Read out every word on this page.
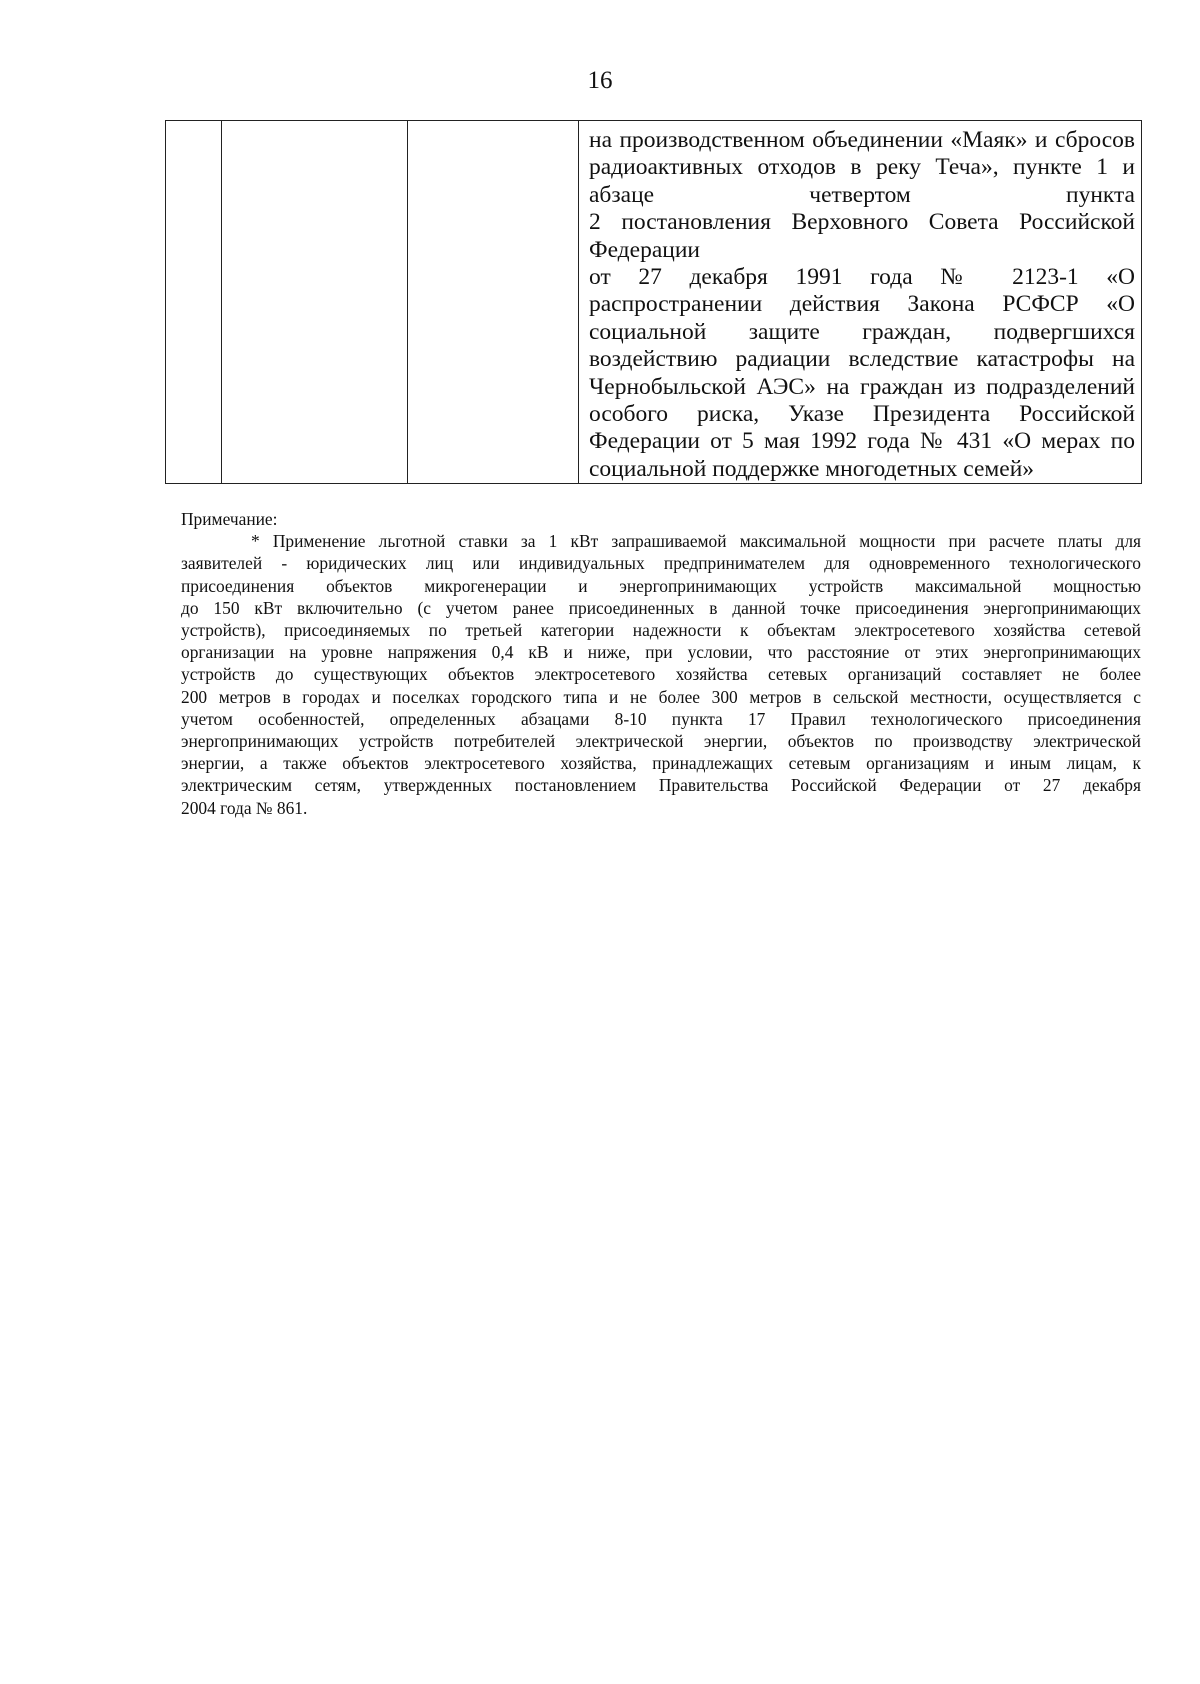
16

на производственном объединении «Маяк» и сбросов
радиоактивных отходов в реку Теча», пункте 1 и
абзаце четвертом пункта
2 постановления Верховного Совета Российской
Федерации
от 27 декабря 1991 года № 2123-1 «О
распространении действия Закона РСФСР «О
социальной защите граждан, подвергшихся
воздействию радиации вследствие катастрофы на
Чернобыльской АЭС» на граждан из подразделений
особого риска, Указе Президента Российской
Федерации от 5 мая 1992 года № 431 «О мерах по
социальной поддержке многодетных семей»
Примечание:
* Применение льготной ставки за 1 кВт запрашиваемой максимальной мощности при расчете платы для
заявителей - юридических лиц или индивидуальных предпринимателем для одновременного технологического
присоединения объектов микрогенерации и энергопринимающих устройств максимальной мощностью
до 150 кВт включительно (с учетом ранее присоединенных в данной точке присоединения энергопринимающих
устройств), присоединяемых по третьей категории надежности к объектам электросетевого хозяйства сетевой
организации на уровне напряжения 0,4 кВ и ниже, при условии, что расстояние от этих энергопринимающих
устройств до существующих объектов электросетевого хозяйства сетевых организаций составляет не более
200 метров в городах и поселках городского типа и не более 300 метров в сельской местности, осуществляется с
учетом особенностей, определенных абзацами 8-10 пункта 17 Правил технологического присоединения
энергопринимающих устройств потребителей электрической энергии, объектов по производству электрической
энергии, а также объектов электросетевого хозяйства, принадлежащих сетевым организациям и иным лицам, к
электрическим сетям, утвержденных постановлением Правительства Российской Федерации от 27 декабря
2004 года № 861.
